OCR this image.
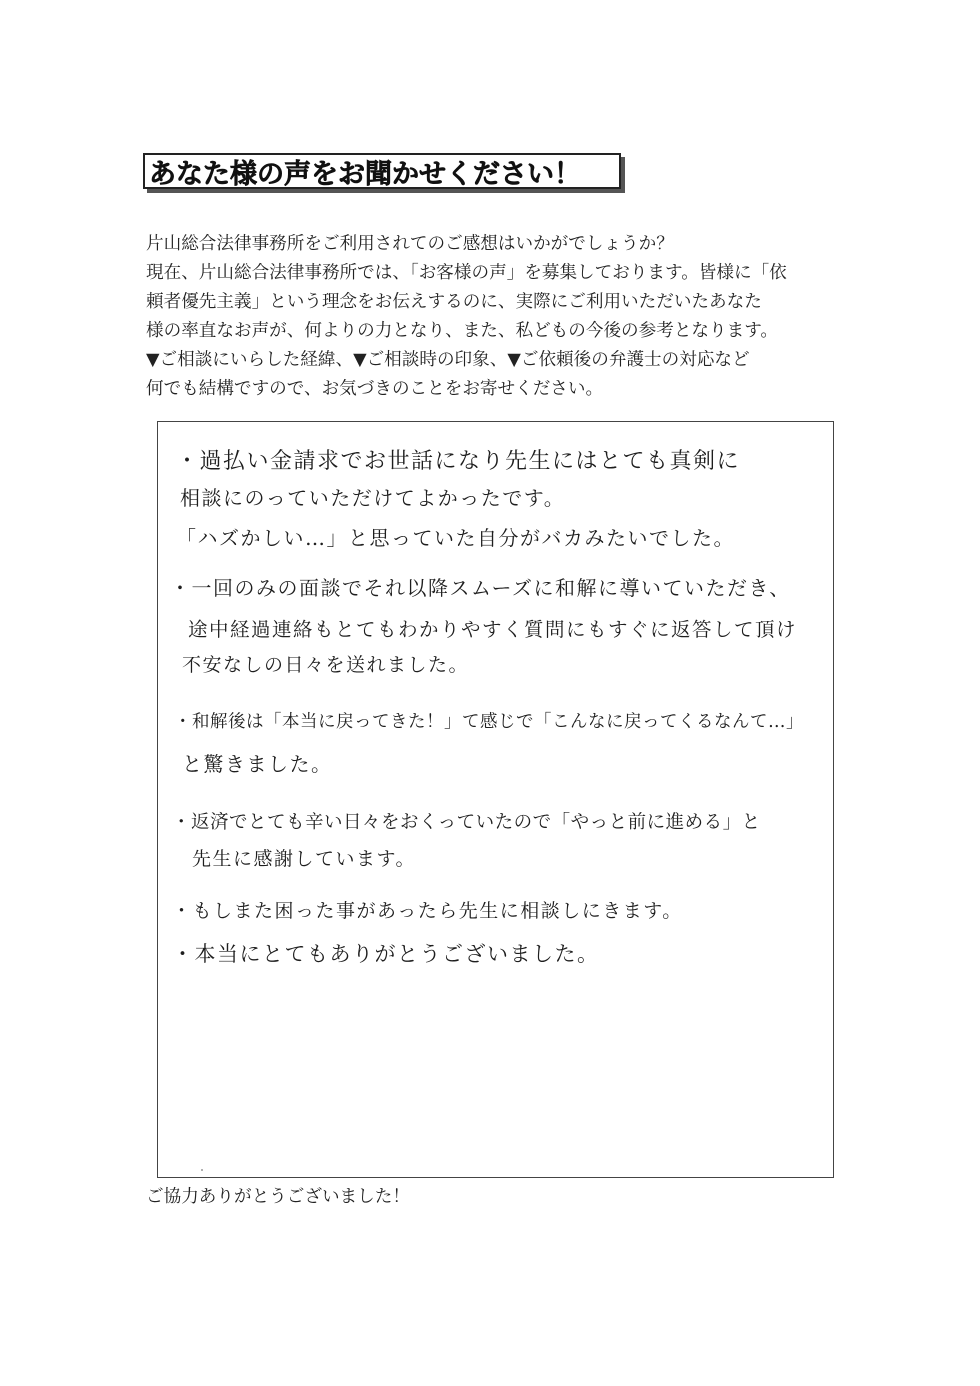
あなた様の声をお聞かせください！
片山総合法律事務所をご利用されてのご感想はいかがでしょうか？
現在、片山総合法律事務所では、「お客様の声」を募集しております。皆様に「依
頼者優先主義」という理念をお伝えするのに、実際にご利用いただいたあなた
様の率直なお声が、何よりの力となり、また、私どもの今後の参考となります。
▼ご相談にいらした経緯、▼ご相談時の印象、▼ご依頼後の弁護士の対応など
何でも結構ですので、お気づきのことをお寄せください。
・過払い金請求でお世話になり先生にはとても真剣に
相談にのっていただけてよかったです。
「ハズかしい…」と思っていた自分がバカみたいでした。
・一回のみの面談でそれ以降スムーズに和解に導いていただき、
途中経過連絡もとてもわかりやすく質問にもすぐに返答して頂け
不安なしの日々を送れました。
・和解後は「本当に戻ってきた！」て感じで「こんなに戻ってくるなんて…」
と驚きました。
・返済でとても辛い日々をおくっていたので「やっと前に進める」と
先生に感謝しています。
・もしまた困った事があったら先生に相談しにきます。
・本当にとてもありがとうございました。
ご協力ありがとうございました！
